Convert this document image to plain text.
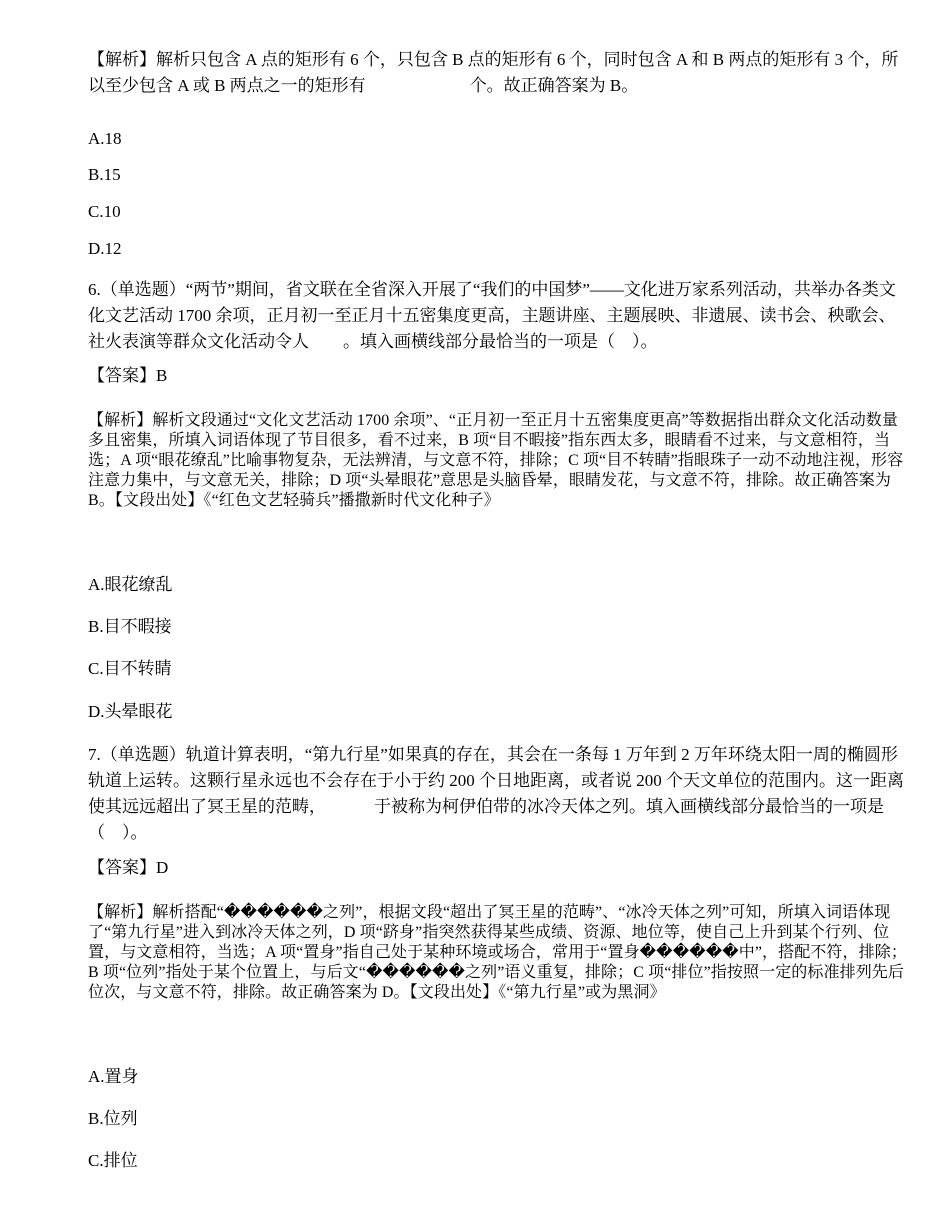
【解析】解析只包含 A 点的矩形有 6 个，只包含 B 点的矩形有 6 个，同时包含 A 和 B 两点的矩形有 3 个，所以至少包含 A 或 B 两点之一的矩形有	个。故正确答案为 B。

A.18
B.15
C.10
D.12

6.（单选题）“两节”期间，省文联在全省深入开展了“我们的中国梦”——文化进万家系列活动，共举办各类文化文艺活动 1700 余项，正月初一至正月十五密集度更高，主题讲座、主题展映、非遗展、读书会、秧歌会、社火表演等群众文化活动令人 。填入画横线部分最恰当的一项是（　）。

【答案】B

【解析】解析文段通过“文化文艺活动 1700 余项”、“正月初一至正月十五密集度更高”等数据指出群众文化活动数量多且密集，所填入词语体现了节目很多，看不过来，B 项“目不暇接”指东西太多，眼睛看不过来，与文意相符，当选；A 项“眼花缭乱”比喻事物复杂，无法辨清，与文意不符，排除；C 项“目不转睛”指眼珠子一动不动地注视，形容注意力集中，与文意无关，排除；D 项“头晕眼花”意思是头脑昏晕，眼睛发花，与文意不符，排除。故正确答案为 B。【文段出处】《“红色文艺轻骑兵”播撒新时代文化种子》

A.眼花缭乱
B.目不暇接
C.目不转睛
D.头晕眼花

7.（单选题）轨道计算表明，“第九行星”如果真的存在，其会在一条每 1 万年到 2 万年环绕太阳一周的椭圆形轨道上运转。这颗行星永远也不会存在于小于约 200 个日地距离，或者说 200 个天文单位的范围内。这一距离使其远远超出了冥王星的范畴，	于被称为柯伊伯带的冰冷天体之列。填入画横线部分最恰当的一项是（　）。

【答案】D

【解析】解析搭配“������之列”，根据文段“超出了冥王星的范畴”、“冰冷天体之列”可知，所填入词语体现了“第九行星”进入到冰冷天体之列，D 项“跻身”指突然获得某些成绩、资源、地位等，使自己上升到某个行列、位置，与文意相符，当选；A 项“置身”指自己处于某种环境或场合，常用于“置身������中”，搭配不符，排除；B 项“位列”指处于某个位置上，与后文“������之列”语义重复，排除；C 项“排位”指按照一定的标准排列先后位次，与文意不符，排除。故正确答案为 D。【文段出处】《“第九行星”或为黑洞》

A.置身
B.位列
C.排位
